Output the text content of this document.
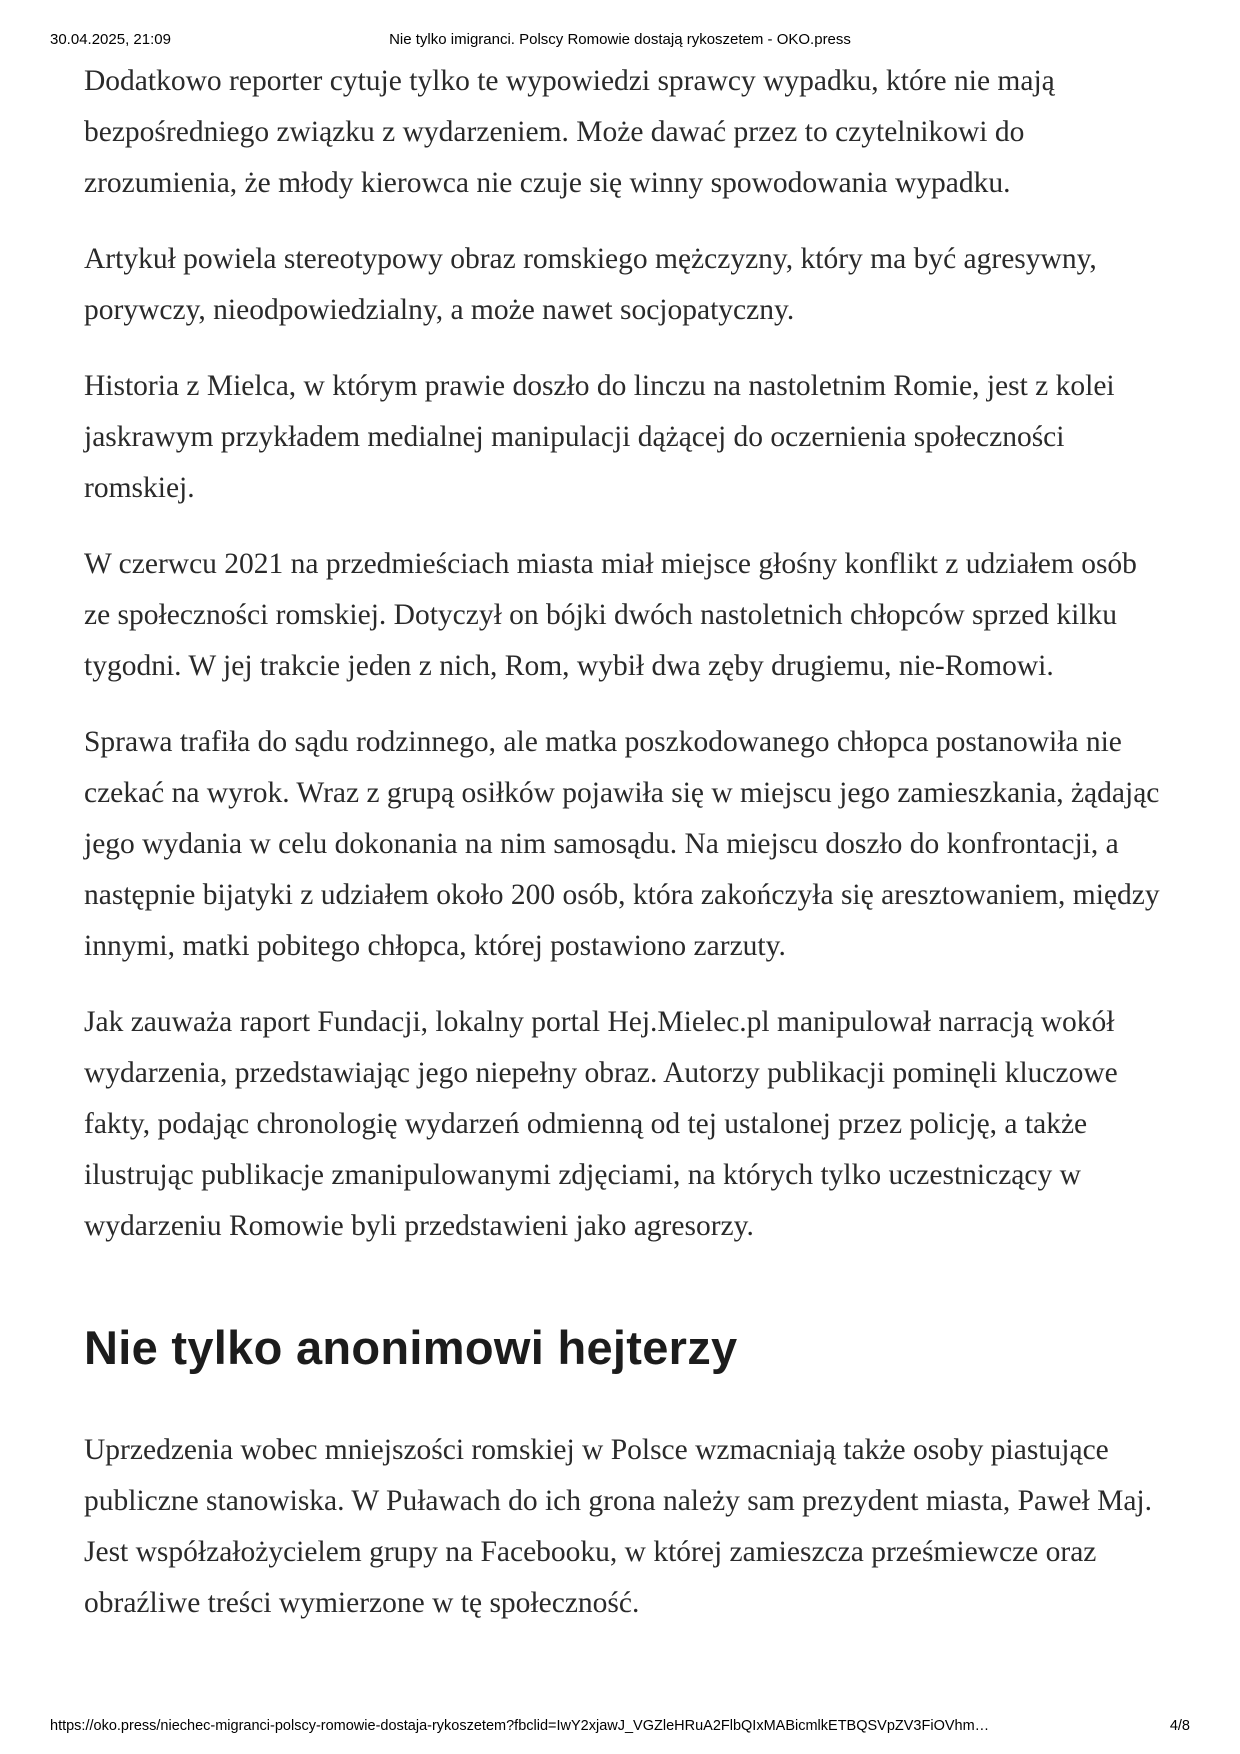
30.04.2025, 21:09	Nie tylko imigranci. Polscy Romowie dostają rykoszetem - OKO.press

Dodatkowo reporter cytuje tylko te wypowiedzi sprawcy wypadku, które nie mają bezpośredniego związku z wydarzeniem. Może dawać przez to czytelnikowi do zrozumienia, że młody kierowca nie czuje się winny spowodowania wypadku.

Artykuł powiela stereotypowy obraz romskiego mężczyzny, który ma być agresywny, porywczy, nieodpowiedzialny, a może nawet socjopatyczny.

Historia z Mielca, w którym prawie doszło do linczu na nastoletnim Romie, jest z kolei jaskrawym przykładem medialnej manipulacji dążącej do oczernienia społeczności romskiej.

W czerwcu 2021 na przedmieściach miasta miał miejsce głośny konflikt z udziałem osób ze społeczności romskiej. Dotyczył on bójki dwóch nastoletnich chłopców sprzed kilku tygodni. W jej trakcie jeden z nich, Rom, wybił dwa zęby drugiemu, nie-Romowi.

Sprawa trafiła do sądu rodzinnego, ale matka poszkodowanego chłopca postanowiła nie czekać na wyrok. Wraz z grupą osiłków pojawiła się w miejscu jego zamieszkania, żądając jego wydania w celu dokonania na nim samosądu. Na miejscu doszło do konfrontacji, a następnie bijatyki z udziałem około 200 osób, która zakończyła się aresztowaniem, między innymi, matki pobitego chłopca, której postawiono zarzuty.

Jak zauważa raport Fundacji, lokalny portal Hej.Mielec.pl manipulował narracją wokół wydarzenia, przedstawiając jego niepełny obraz. Autorzy publikacji pominęli kluczowe fakty, podając chronologię wydarzeń odmienną od tej ustalonej przez policję, a także ilustrując publikacje zmanipulowanymi zdjęciami, na których tylko uczestniczący w wydarzeniu Romowie byli przedstawieni jako agresorzy.

Nie tylko anonimowi hejterzy

Uprzedzenia wobec mniejszości romskiej w Polsce wzmacniają także osoby piastujące publiczne stanowiska. W Puławach do ich grona należy sam prezydent miasta, Paweł Maj. Jest współzałożycielem grupy na Facebooku, w której zamieszcza prześmiewcze oraz obraźliwe treści wymierzone w tę społeczność.

https://oko.press/niechec-migranci-polscy-romowie-dostaja-rykoszetem?fbclid=IwY2xjawJ_VGZleHRuA2FlbQIxMABicmlkETBQSVpZV3FiOVhm…	4/8
